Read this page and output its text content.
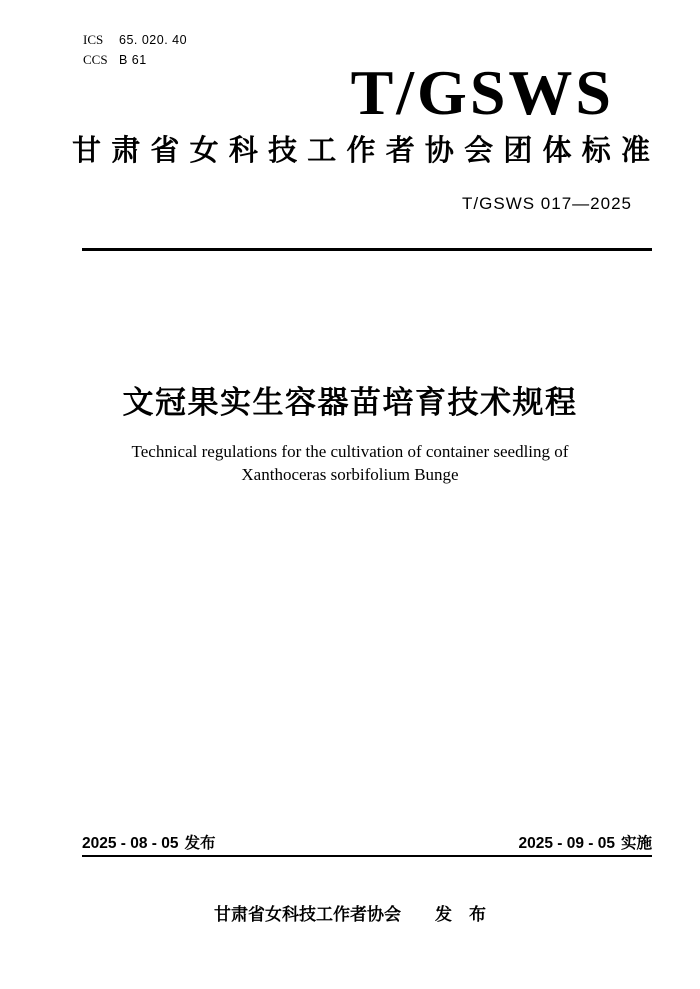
ICS 65. 020. 40
CCS B 61	T/GSWS
甘肃省女科技工作者协会团体标准
T/GSWS 017—2025
文冠果实生容器苗培育技术规程
Technical regulations for the cultivation of container seedling of
Xanthoceras sorbifolium Bunge
2025 - 08 - 05 发布	2025 - 09 - 05 实施
甘肃省女科技工作者协会 发　布
